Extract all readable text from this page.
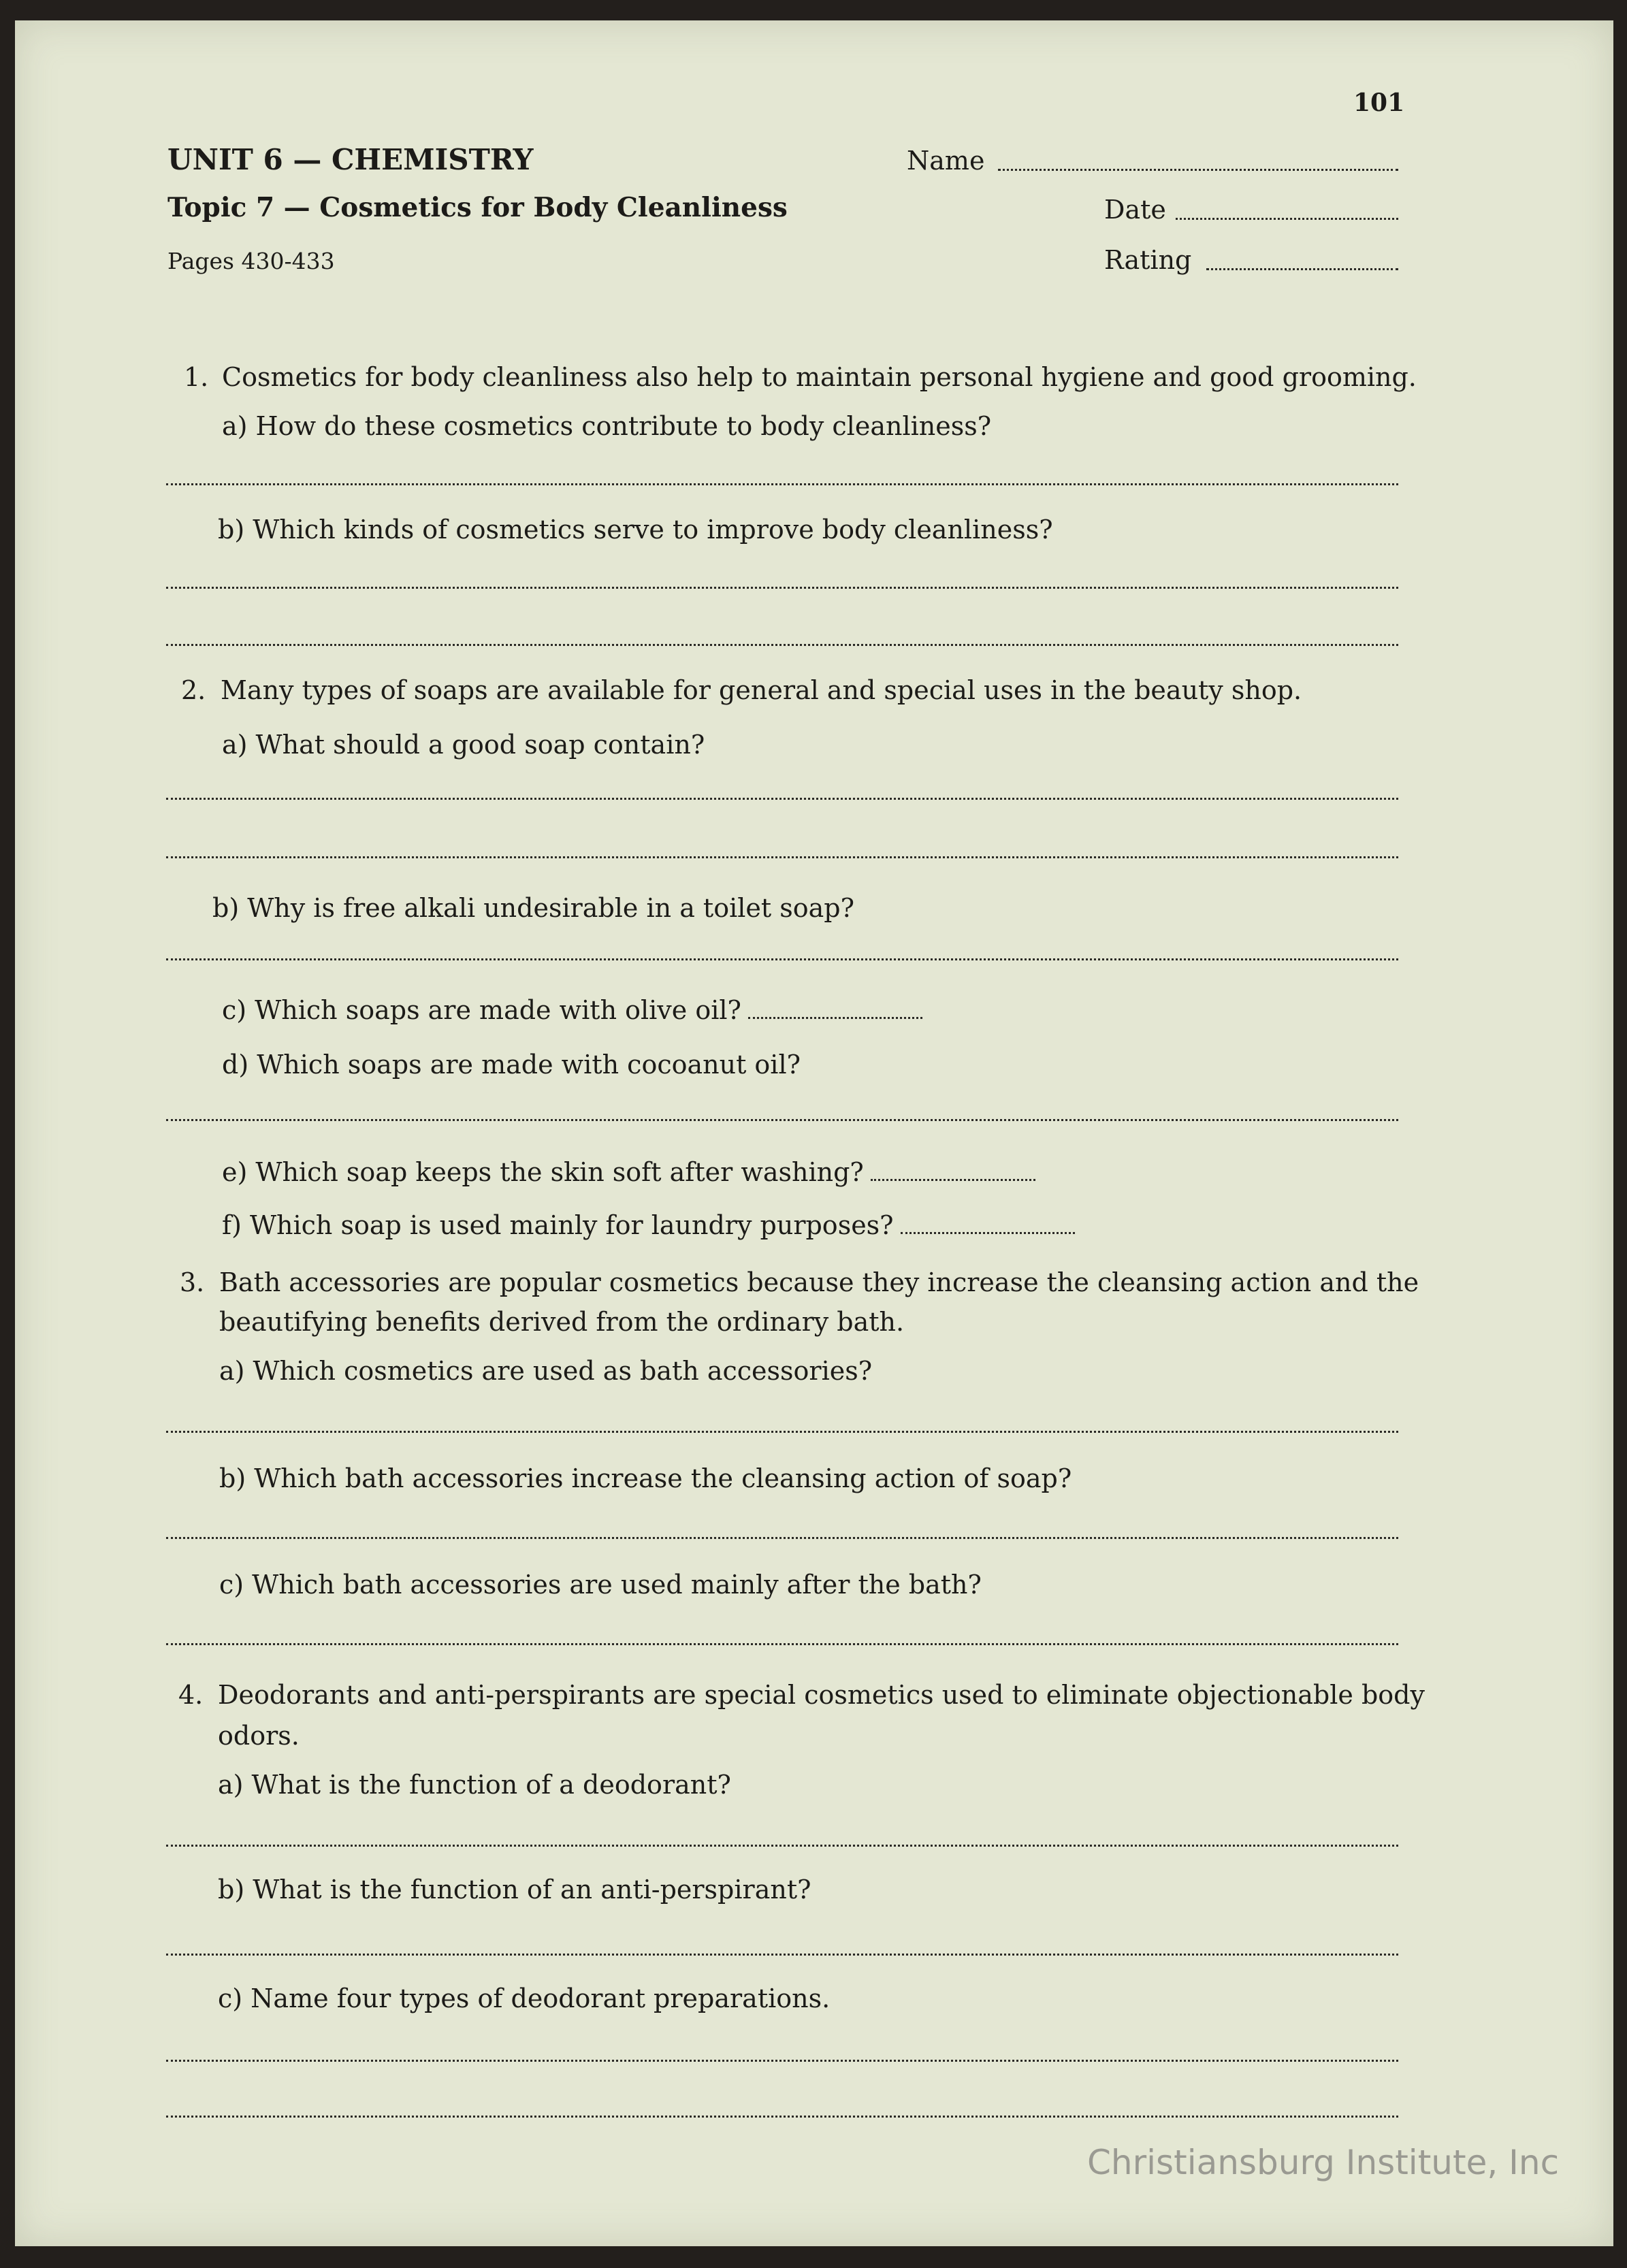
101
UNIT 6 — CHEMISTRY
Topic 7 — Cosmetics for Body Cleanliness
Pages 430-433
Name
Date
Rating
1. Cosmetics for body cleanliness also help to maintain personal hygiene and good grooming.
a) How do these cosmetics contribute to body cleanliness?
b) Which kinds of cosmetics serve to improve body cleanliness?
2. Many types of soaps are available for general and special uses in the beauty shop.
a) What should a good soap contain?
b) Why is free alkali undesirable in a toilet soap?
c) Which soaps are made with olive oil?
d) Which soaps are made with cocoanut oil?
e) Which soap keeps the skin soft after washing?
f) Which soap is used mainly for laundry purposes?
3. Bath accessories are popular cosmetics because they increase the cleansing action and the
beautifying benefits derived from the ordinary bath.
a) Which cosmetics are used as bath accessories?
b) Which bath accessories increase the cleansing action of soap?
c) Which bath accessories are used mainly after the bath?
4. Deodorants and anti-perspirants are special cosmetics used to eliminate objectionable body
odors.
a) What is the function of a deodorant?
b) What is the function of an anti-perspirant?
c) Name four types of deodorant preparations.
Christiansburg Institute, Inc
